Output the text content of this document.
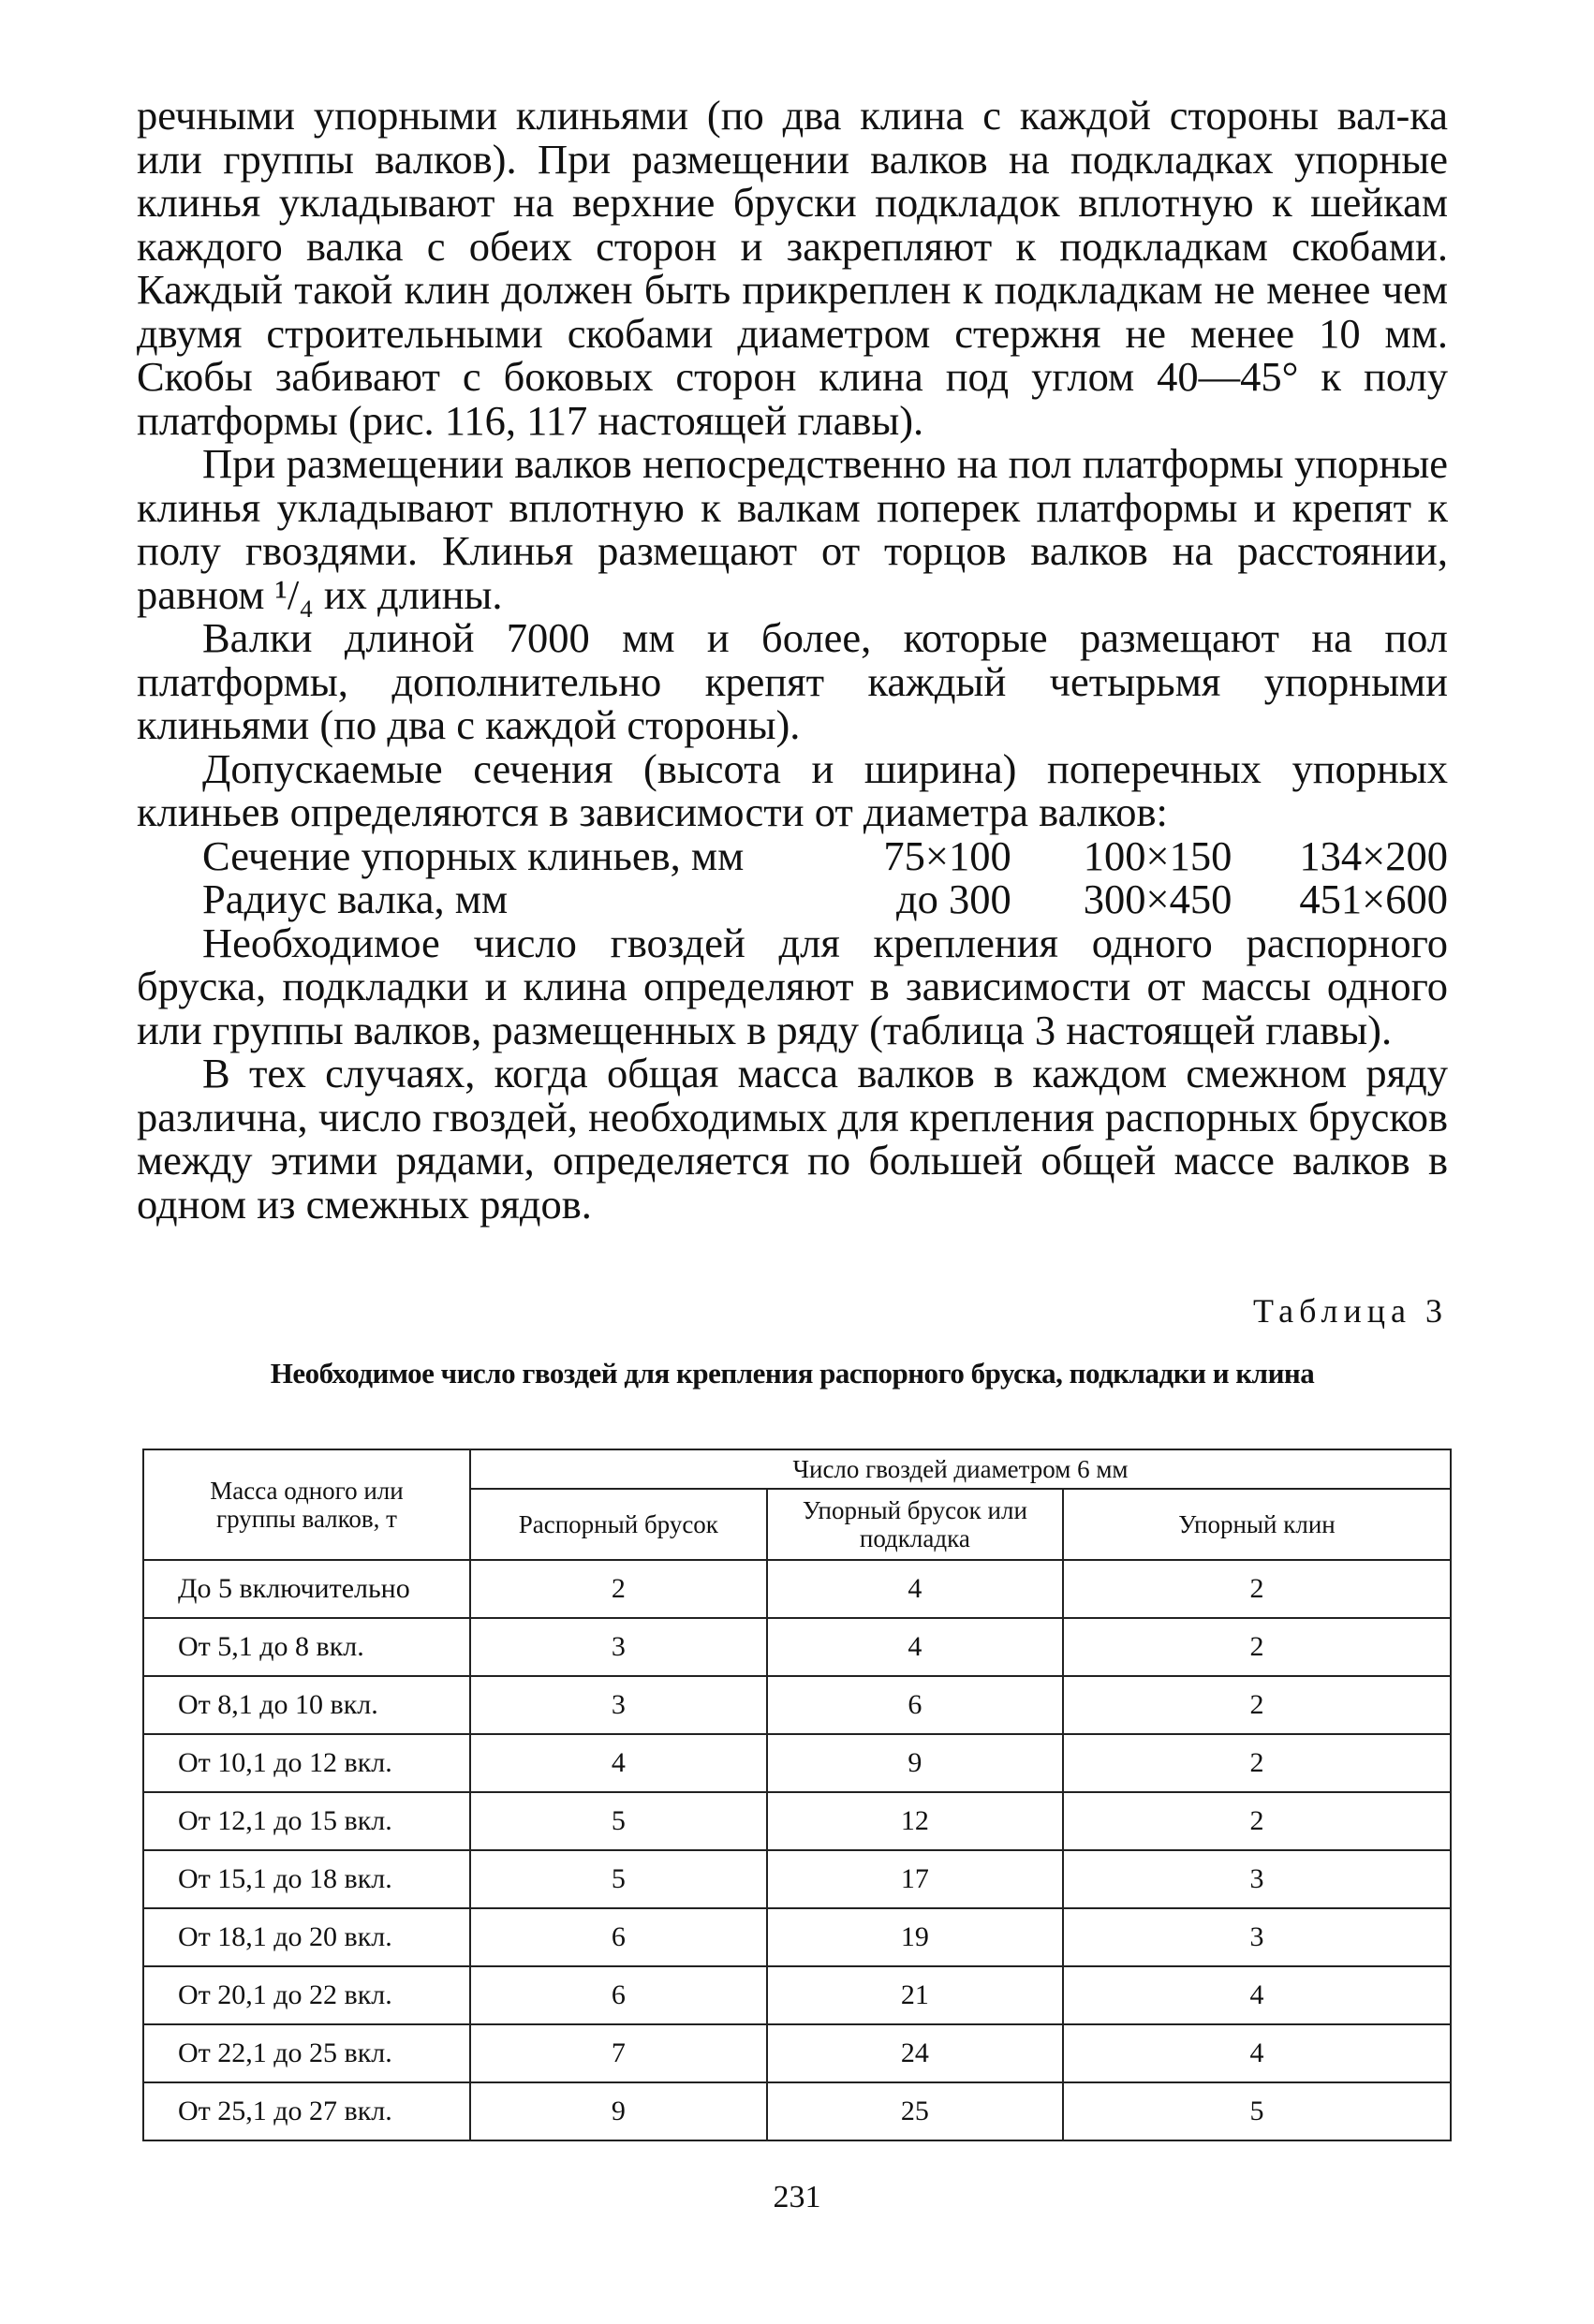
речными упорными клиньями (по два клина с каждой стороны вал-ка или группы валков). При размещении валков на подкладках упорные клинья укладывают на верхние бруски подкладок вплотную к шейкам каждого валка с обеих сторон и закрепляют к подкладкам скобами. Каждый такой клин должен быть прикреплен к подкладкам не менее чем двумя строительными скобами диаметром стержня не менее 10 мм. Скобы забивают с боковых сторон клина под углом 40—45° к полу платформы (рис. 116, 117 настоящей главы).

При размещении валков непосредственно на пол платформы упорные клинья укладывают вплотную к валкам поперек платформы и крепят к полу гвоздями. Клинья размещают от торцов валков на расстоянии, равном ¹/₄ их длины.

Валки длиной 7000 мм и более, которые размещают на пол платформы, дополнительно крепят каждый четырьмя упорными клиньями (по два с каждой стороны).

Допускаемые сечения (высота и ширина) поперечных упорных клиньев определяются в зависимости от диаметра валков:

Сечение упорных клиньев, мм	75×100	100×150	134×200
Радиус валка, мм	до 300	300×450	451×600

Необходимое число гвоздей для крепления одного распорного бруска, подкладки и клина определяют в зависимости от массы одного или группы валков, размещенных в ряду (таблица 3 настоящей главы).

В тех случаях, когда общая масса валков в каждом смежном ряду различна, число гвоздей, необходимых для крепления распорных брусков между этими рядами, определяется по большей общей массе валков в одном из смежных рядов.

Таблица 3
Необходимое число гвоздей для крепления распорного бруска, подкладки и клина
Масса одного или группы валков, т	Число гвоздей диаметром 6 мм		
	Распорный брусок	Упорный брусок или подкладка	Упорный клин
До 5 включительно	2	4	2
От 5,1 до 8 вкл.	3	4	2
От 8,1 до 10 вкл.	3	6	2
От 10,1 до 12 вкл.	4	9	2
От 12,1 до 15 вкл.	5	12	2
От 15,1 до 18 вкл.	5	17	3
От 18,1 до 20 вкл.	6	19	3
От 20,1 до 22 вкл.	6	21	4
От 22,1 до 25 вкл.	7	24	4
От 25,1 до 27 вкл.	9	25	5
231
